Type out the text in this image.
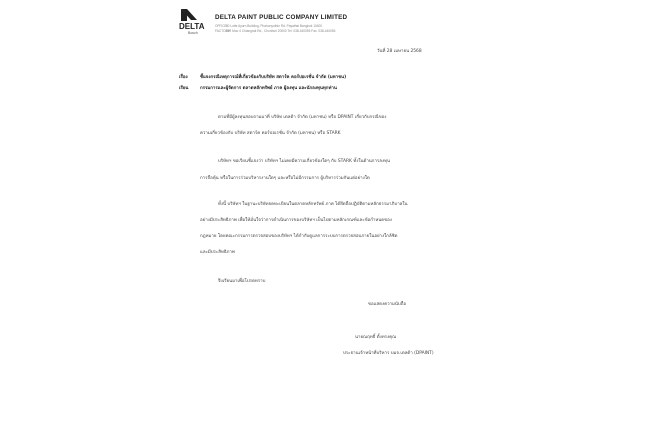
DELTA
Bosch
DELTA PAINT PUBLIC COMPANY LIMITED
OFFICE 80 Lotte Ayurn Building, Phahonyothin Rd. Payathai Bangkok 10400
FACTORY 169 Moo 4 Chiangrak Rd., Chonburi 20000 Tel. 038-440055 Fax. 038-440056
วันที่ 28 เมษายน 2568
เรื่อง	ชี้แจงกรณีเหตุการณ์ที่เกี่ยวข้องกับบริษัท สตาร์ค คอร์ปอเรชั่น จำกัด (มหาชน)
เรียน	กรรมการและผู้จัดการ ตลาดหลักทรัพย์ ภาค ผู้ลงทุน และนักลงทุนทุกท่าน
ตามที่มีผู้ลงทุนสอบถามมาที่ บริษัท เดลต้า จำกัด (มหาชน) หรือ DPAINT เกี่ยวกับกรณีของ
ความเกี่ยวข้องกับ บริษัท สตาร์ค คอร์ปอเรชั่น จำกัด (มหาชน) หรือ STARK
บริษัทฯ ขอเรียนชี้แจงว่า บริษัทฯ ไม่เคยมีความเกี่ยวข้องใดๆ กับ STARK ทั้งในด้านการลงทุน
การถือหุ้น หรือในการร่วมบริหารงานใดๆ และหรือไม่มีกรรมการ ผู้บริหารร่วมกันแต่อย่างใด
ทั้งนี้ บริษัทฯ ในฐานะบริษัทจดทะเบียนในตลาดหลักทรัพย์ ภาค ได้ยึดถือปฏิบัติตามหลักธรรมาภิบาลใน
อย่างมีประสิทธิภาพ เพื่อให้มั่นใจว่าการดำเนินการของบริษัทฯ เป็นไปตามหลักเกณฑ์และข้อกำหนดของ
กฎหมาย โดยคณะกรรมการตรวจสอบของบริษัทฯ ได้กำกับดูแลการระบบการตรวจสอบภายในอย่างใกล้ชิด
และมีประสิทธิภาพ
จึงเรียนมาเพื่อโปรดทราบ
ขอแสดงความนับถือ
นายณฤทธิ์ ตั้งทรงคุณ
ประธานเจ้าหน้าที่บริหาร บมจ.เดลต้า (DPAINT)
